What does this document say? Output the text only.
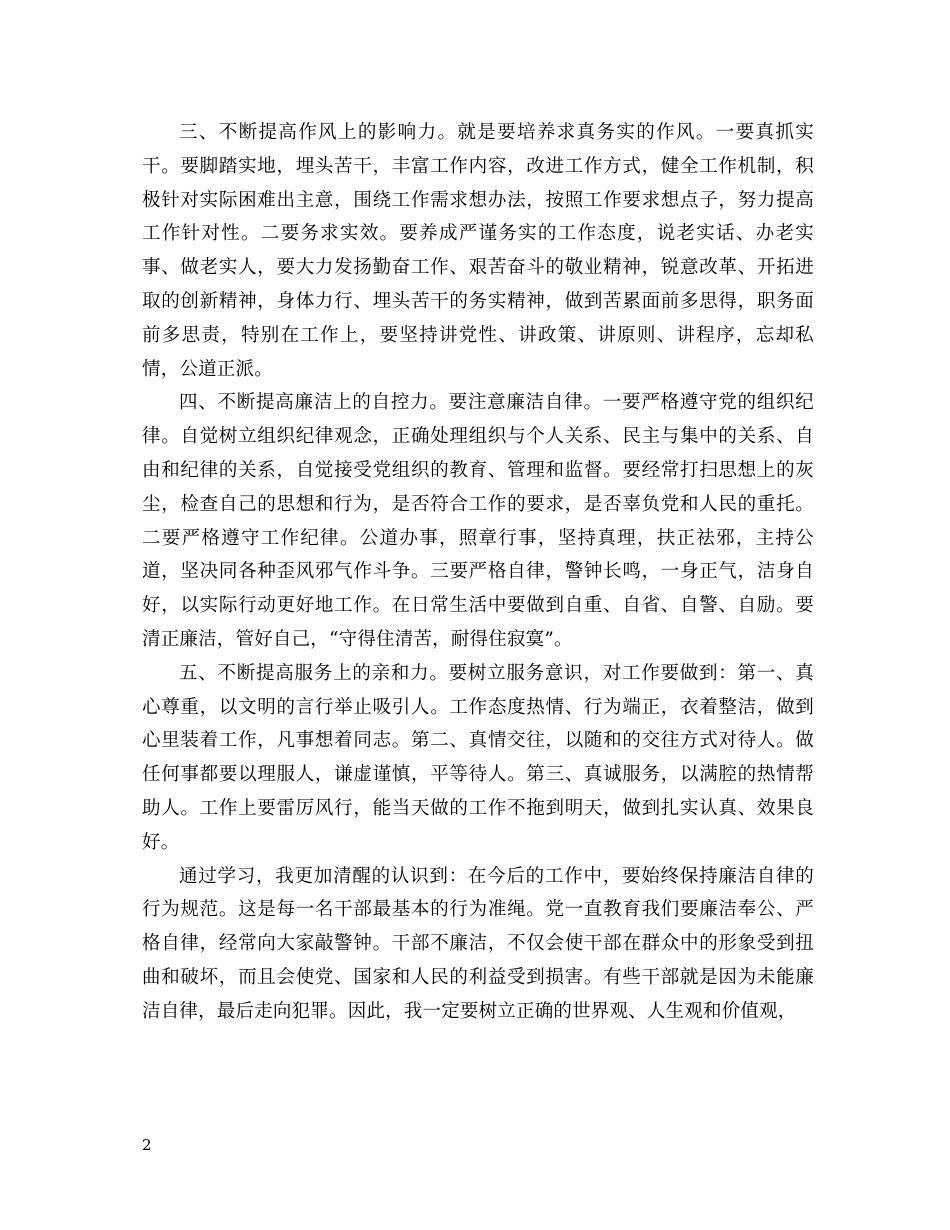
三、不断提高作风上的影响力。就是要培养求真务实的作风。一要真抓实干。要脚踏实地，埋头苦干，丰富工作内容，改进工作方式，健全工作机制，积极针对实际困难出主意，围绕工作需求想办法，按照工作要求想点子，努力提高工作针对性。二要务求实效。要养成严谨务实的工作态度，说老实话、办老实事、做老实人，要大力发扬勤奋工作、艰苦奋斗的敬业精神，锐意改革、开拓进取的创新精神，身体力行、埋头苦干的务实精神，做到苦累面前多思得，职务面前多思责，特别在工作上，要坚持讲党性、讲政策、讲原则、讲程序，忘却私情，公道正派。

四、不断提高廉洁上的自控力。要注意廉洁自律。一要严格遵守党的组织纪律。自觉树立组织纪律观念，正确处理组织与个人关系、民主与集中的关系、自由和纪律的关系，自觉接受党组织的教育、管理和监督。要经常打扫思想上的灰尘，检查自己的思想和行为，是否符合工作的要求，是否辜负党和人民的重托。二要严格遵守工作纪律。公道办事，照章行事，坚持真理，扶正祛邪，主持公道，坚决同各种歪风邪气作斗争。三要严格自律，警钟长鸣，一身正气，洁身自好，以实际行动更好地工作。在日常生活中要做到自重、自省、自警、自励。要清正廉洁，管好自己，“守得住清苦，耐得住寂寞”。

五、不断提高服务上的亲和力。要树立服务意识，对工作要做到：第一、真心尊重，以文明的言行举止吸引人。工作态度热情、行为端正，衣着整洁，做到心里装着工作，凡事想着同志。第二、真情交往，以随和的交往方式对待人。做任何事都要以理服人，谦虚谨慎，平等待人。第三、真诚服务，以满腔的热情帮助人。工作上要雷厉风行，能当天做的工作不拖到明天，做到扎实认真、效果良好。

通过学习，我更加清醒的认识到：在今后的工作中，要始终保持廉洁自律的行为规范。这是每一名干部最基本的行为准绳。党一直教育我们要廉洁奉公、严格自律，经常向大家敲警钟。干部不廉洁，不仅会使干部在群众中的形象受到扭曲和破坏，而且会使党、国家和人民的利益受到损害。有些干部就是因为未能廉洁自律，最后走向犯罪。因此，我一定要树立正确的世界观、人生观和价值观，

2
